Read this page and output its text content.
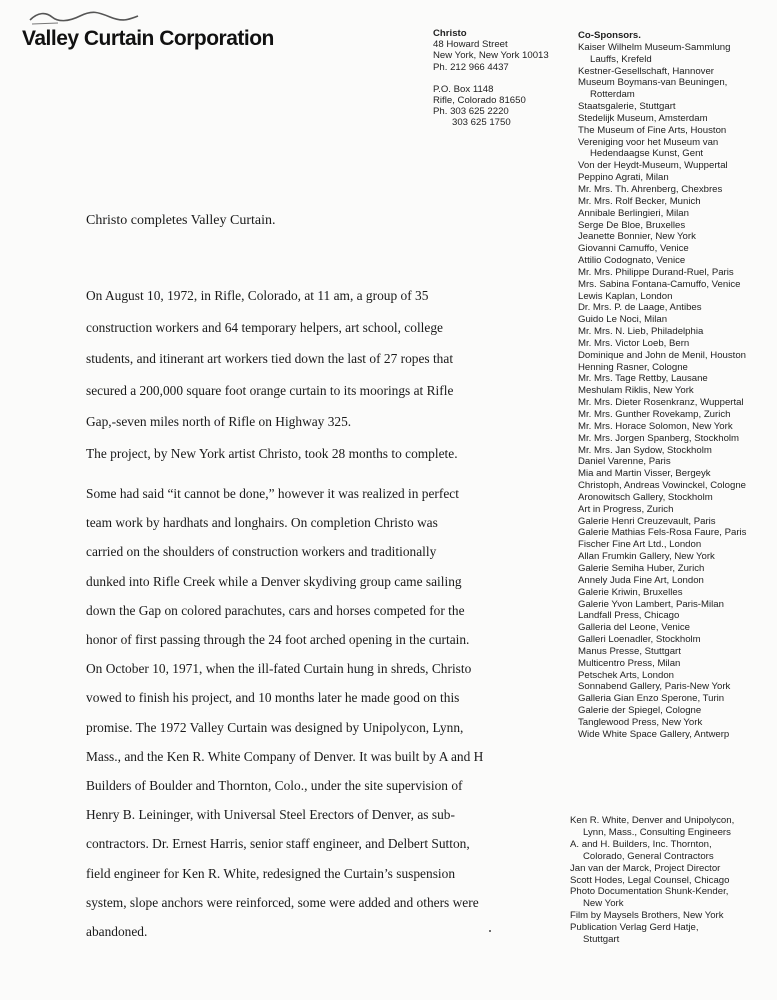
Valley Curtain Corporation	Christo
48 Howard Street
New York, New York 10013
Ph. 212 966 4437
P.O. Box 1148
Rifle, Colorado 81650
Ph. 303 625 2220
303 625 1750
Co-Sponsors.
Kaiser Wilhelm Museum-Sammlung
Lauffs, Krefeld
Kestner-Gesellschaft, Hannover
Museum Boymans-van Beuningen,
Rotterdam
Staatsgalerie, Stuttgart
Stedelijk Museum, Amsterdam
The Museum of Fine Arts, Houston
Vereniging voor het Museum van
Hedendaagse Kunst, Gent
Von der Heydt-Museum, Wuppertal
Peppino Agrati, Milan
Mr. Mrs. Th. Ahrenberg, Chexbres
Mr. Mrs. Rolf Becker, Munich
Annibale Berlingieri, Milan
Serge De Bloe, Bruxelles
Jeanette Bonnier, New York
Giovanni Camuffo, Venice
Attilio Codognato, Venice
Mr. Mrs. Philippe Durand-Ruel, Paris
Mrs. Sabina Fontana-Camuffo, Venice
Lewis Kaplan, London
Dr. Mrs. P. de Laage, Antibes
Guido Le Noci, Milan
Mr. Mrs. N. Lieb, Philadelphia
Mr. Mrs. Victor Loeb, Bern
Dominique and John de Menil, Houston
Henning Rasner, Cologne
Mr. Mrs. Tage Rettby, Lausane
Meshulam Riklis, New York
Mr. Mrs. Dieter Rosenkranz, Wuppertal
Mr. Mrs. Gunther Rovekamp, Zurich
Mr. Mrs. Horace Solomon, New York
Mr. Mrs. Jorgen Spanberg, Stockholm
Mr. Mrs. Jan Sydow, Stockholm
Daniel Varenne, Paris
Mia and Martin Visser, Bergeyk
Christoph, Andreas Vowinckel, Cologne
Aronowitsch Gallery, Stockholm
Art in Progress, Zurich
Galerie Henri Creuzevault, Paris
Galerie Mathias Fels-Rosa Faure, Paris
Fischer Fine Art Ltd., London
Allan Frumkin Gallery, New York
Galerie Semiha Huber, Zurich
Annely Juda Fine Art, London
Galerie Kriwin, Bruxelles
Galerie Yvon Lambert, Paris-Milan
Landfall Press, Chicago
Galleria del Leone, Venice
Galleri Loenadler, Stockholm
Manus Presse, Stuttgart
Multicentro Press, Milan
Petschek Arts, London
Sonnabend Gallery, Paris-New York
Galleria Gian Enzo Sperone, Turin
Galerie der Spiegel, Cologne
Tanglewood Press, New York
Wide White Space Gallery, Antwerp
Ken R. White, Denver and Unipolycon,
Lynn, Mass., Consulting Engineers
A. and H. Builders, Inc. Thornton,
Colorado, General Contractors
Jan van der Marck, Project Director
Scott Hodes, Legal Counsel, Chicago
Photo Documentation Shunk-Kender,
New York
Film by Maysels Brothers, New York
Publication Verlag Gerd Hatje,
Stuttgart
Christo completes Valley Curtain.
On August 10, 1972, in Rifle, Colorado, at 11 am, a group of 35
construction workers and 64 temporary helpers, art school, college
students, and itinerant art workers tied down the last of 27 ropes that
secured a 200,000 square foot orange curtain to its moorings at Rifle
Gap,-seven miles north of Rifle on Highway 325.
The project, by New York artist Christo, took 28 months to complete.
Some had said “it cannot be done,” however it was realized in perfect
team work by hardhats and longhairs. On completion Christo was
carried on the shoulders of construction workers and traditionally
dunked into Rifle Creek while a Denver skydiving group came sailing
down the Gap on colored parachutes, cars and horses competed for the
honor of first passing through the 24 foot arched opening in the curtain.
On October 10, 1971, when the ill-fated Curtain hung in shreds, Christo
vowed to finish his project, and 10 months later he made good on this
promise. The 1972 Valley Curtain was designed by Unipolycon, Lynn,
Mass., and the Ken R. White Company of Denver. It was built by A and H
Builders of Boulder and Thornton, Colo., under the site supervision of
Henry B. Leininger, with Universal Steel Erectors of Denver, as sub-
contractors. Dr. Ernest Harris, senior staff engineer, and Delbert Sutton,
field engineer for Ken R. White, redesigned the Curtain’s suspension
system, slope anchors were reinforced, some were added and others were
abandoned.
